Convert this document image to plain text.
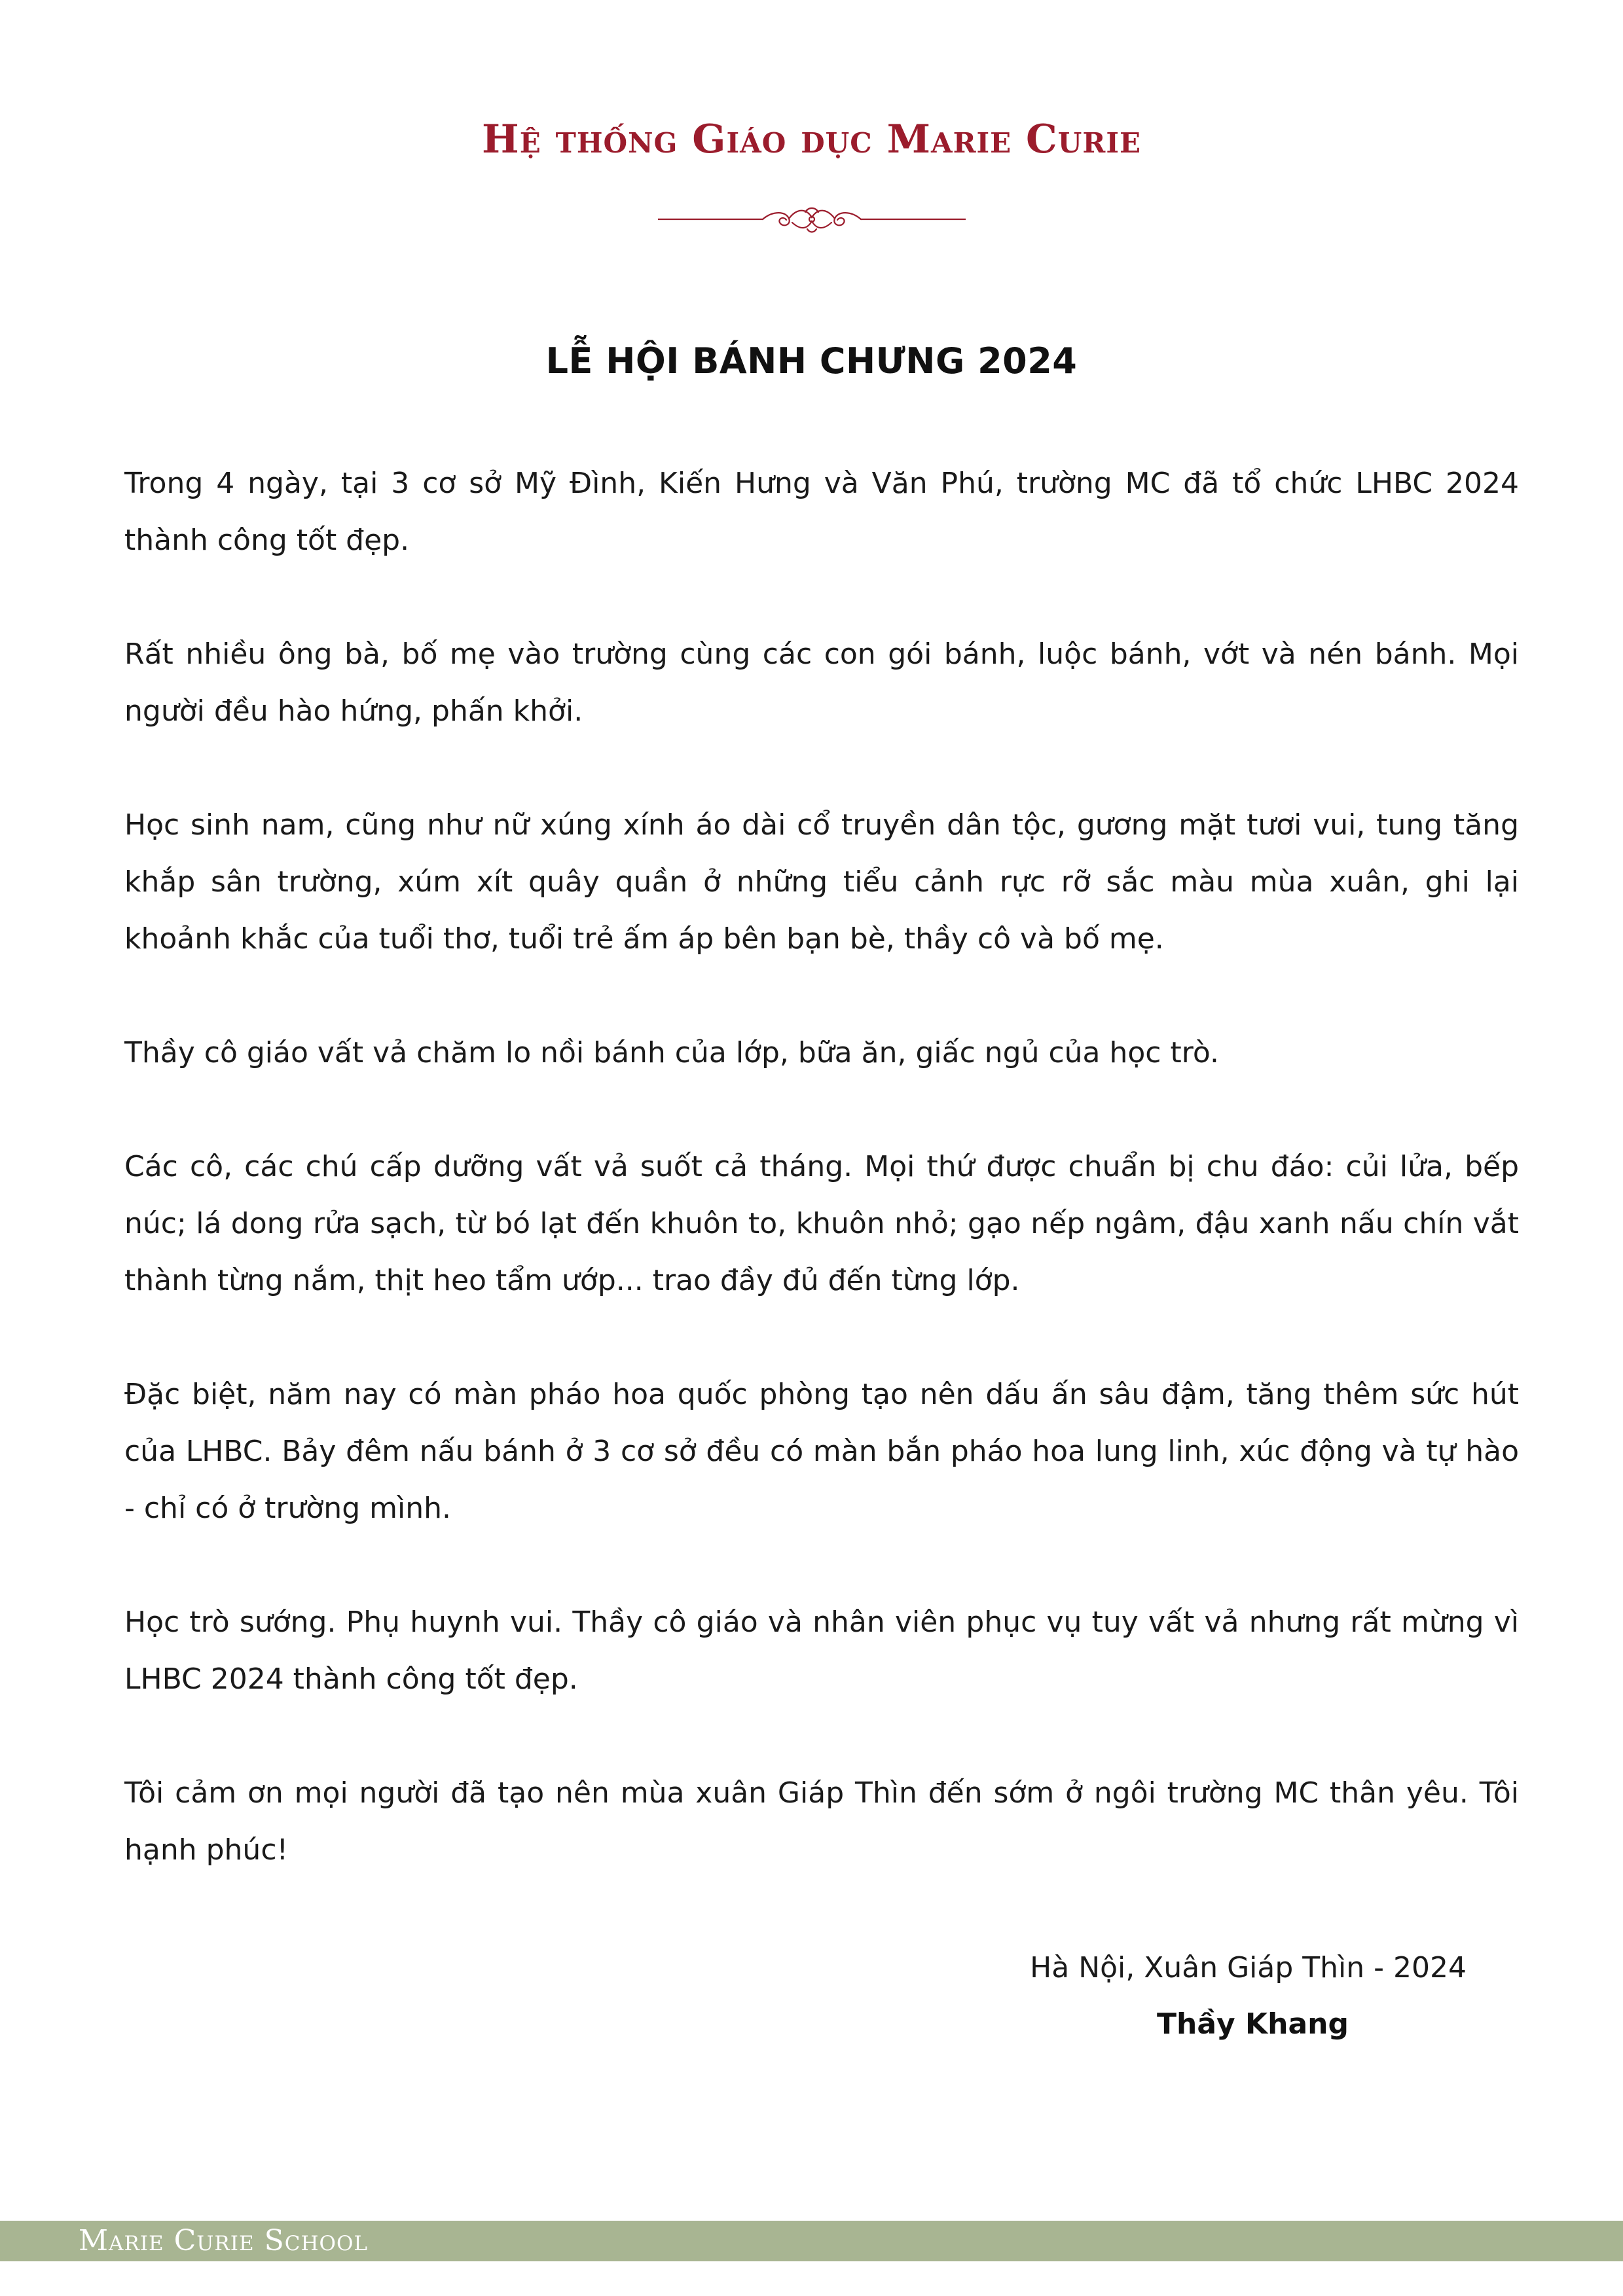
Hệ thống Giáo dục Marie Curie
LỄ HỘI BÁNH CHƯNG 2024

Trong 4 ngày, tại 3 cơ sở Mỹ Đình, Kiến Hưng và Văn Phú, trường MC đã tổ chức LHBC 2024 thành công tốt đẹp.

Rất nhiều ông bà, bố mẹ vào trường cùng các con gói bánh, luộc bánh, vớt và nén bánh. Mọi người đều hào hứng, phấn khởi.

Học sinh nam, cũng như nữ xúng xính áo dài cổ truyền dân tộc, gương mặt tươi vui, tung tăng khắp sân trường, xúm xít quây quần ở những tiểu cảnh rực rỡ sắc màu mùa xuân, ghi lại khoảnh khắc của tuổi thơ, tuổi trẻ ấm áp bên bạn bè, thầy cô và bố mẹ.

Thầy cô giáo vất vả chăm lo nồi bánh của lớp, bữa ăn, giấc ngủ của học trò.

Các cô, các chú cấp dưỡng vất vả suốt cả tháng. Mọi thứ được chuẩn bị chu đáo: củi lửa, bếp núc; lá dong rửa sạch, từ bó lạt đến khuôn to, khuôn nhỏ; gạo nếp ngâm, đậu xanh nấu chín vắt thành từng nắm, thịt heo tẩm ướp... trao đầy đủ đến từng lớp.

Đặc biệt, năm nay có màn pháo hoa quốc phòng tạo nên dấu ấn sâu đậm, tăng thêm sức hút của LHBC. Bảy đêm nấu bánh ở 3 cơ sở đều có màn bắn pháo hoa lung linh, xúc động và tự hào - chỉ có ở trường mình.

Học trò sướng. Phụ huynh vui. Thầy cô giáo và nhân viên phục vụ tuy vất vả nhưng rất mừng vì LHBC 2024 thành công tốt đẹp.

Tôi cảm ơn mọi người đã tạo nên mùa xuân Giáp Thìn đến sớm ở ngôi trường MC thân yêu. Tôi hạnh phúc!

Hà Nội, Xuân Giáp Thìn - 2024

Thầy Khang

Marie Curie School
